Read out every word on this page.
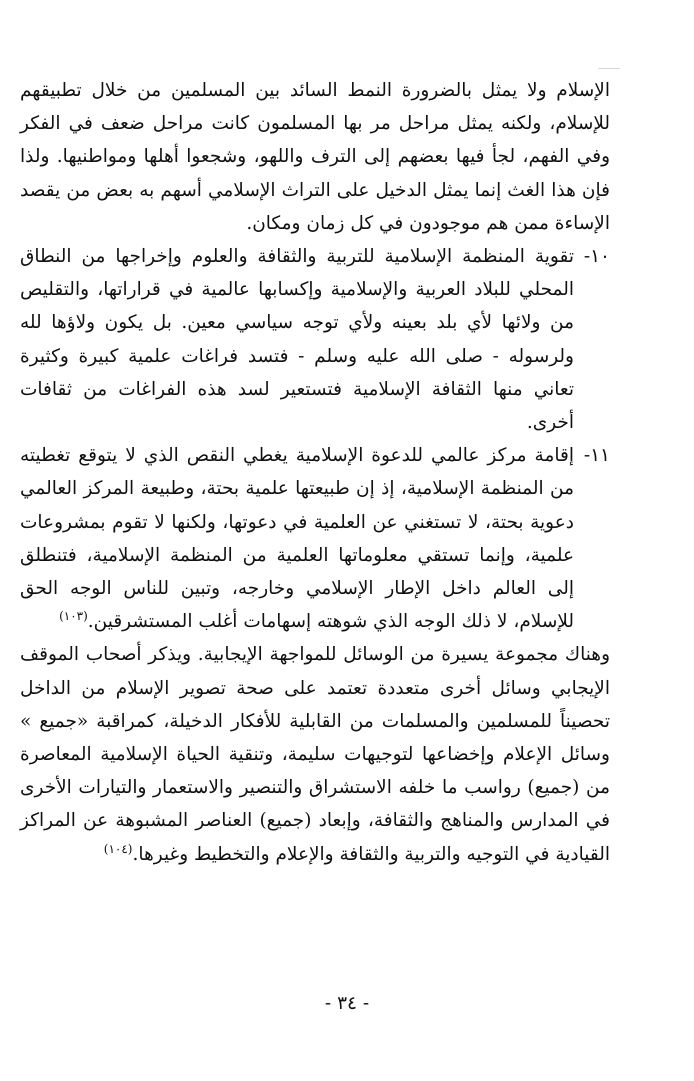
الإسلام ولا يمثل بالضرورة النمط السائد بين المسلمين من خلال تطبيقهم للإسلام، ولكنه يمثل مراحل مر بها المسلمون كانت مراحل ضعف في الفكر وفي الفهم، لجأ فيها بعضهم إلى الترف واللهو، وشجعوا أهلها ومواطنيها. ولذا فإن هذا الغث إنما يمثل الدخيل على التراث الإسلامي أسهم به بعض من يقصد الإساءة ممن هم موجودون في كل زمان ومكان.

١٠-
تقوية المنظمة الإسلامية للتربية والثقافة والعلوم وإخراجها من النطاق المحلي للبلاد العربية والإسلامية وإكسابها عالمية في قراراتها، والتقليص من ولائها لأي بلد بعينه ولأي توجه سياسي معين. بل يكون ولاؤها لله ولرسوله - صلى الله عليه وسلم - فتسد فراغات علمية كبيرة وكثيرة تعاني منها الثقافة الإسلامية فتستعير لسد هذه الفراغات من ثقافات أخرى.
١١-
إقامة مركز عالمي للدعوة الإسلامية يغطي النقص الذي لا يتوقع تغطيته من المنظمة الإسلامية، إذ إن طبيعتها علمية بحتة، وطبيعة المركز العالمي دعوية بحتة، لا تستغني عن العلمية في دعوتها، ولكنها لا تقوم بمشروعات علمية، وإنما تستقي معلوماتها العلمية من المنظمة الإسلامية، فتنطلق إلى العالم داخل الإطار الإسلامي وخارجه، وتبين للناس الوجه الحق للإسلام، لا ذلك الوجه الذي شوهته إسهامات أغلب المستشرقين.$^{(١٠٣)}$

وهناك مجموعة يسيرة من الوسائل للمواجهة الإيجابية. ويذكر أصحاب الموقف الإيجابي وسائل أخرى متعددة تعتمد على صحة تصوير الإسلام من الداخل تحصيناً للمسلمين والمسلمات من القابلية للأفكار الدخيلة، كمراقبة «جميع » وسائل الإعلام وإخضاعها لتوجيهات سليمة، وتنقية الحياة الإسلامية المعاصرة من (جميع) رواسب ما خلفه الاستشراق والتنصير والاستعمار والتيارات الأخرى في المدارس والمناهج والثقافة، وإبعاد (جميع) العناصر المشبوهة عن المراكز القيادية في التوجيه والتربية والثقافة والإعلام والتخطيط وغيرها.$^{(١٠٤)}$

- ٣٤ -
